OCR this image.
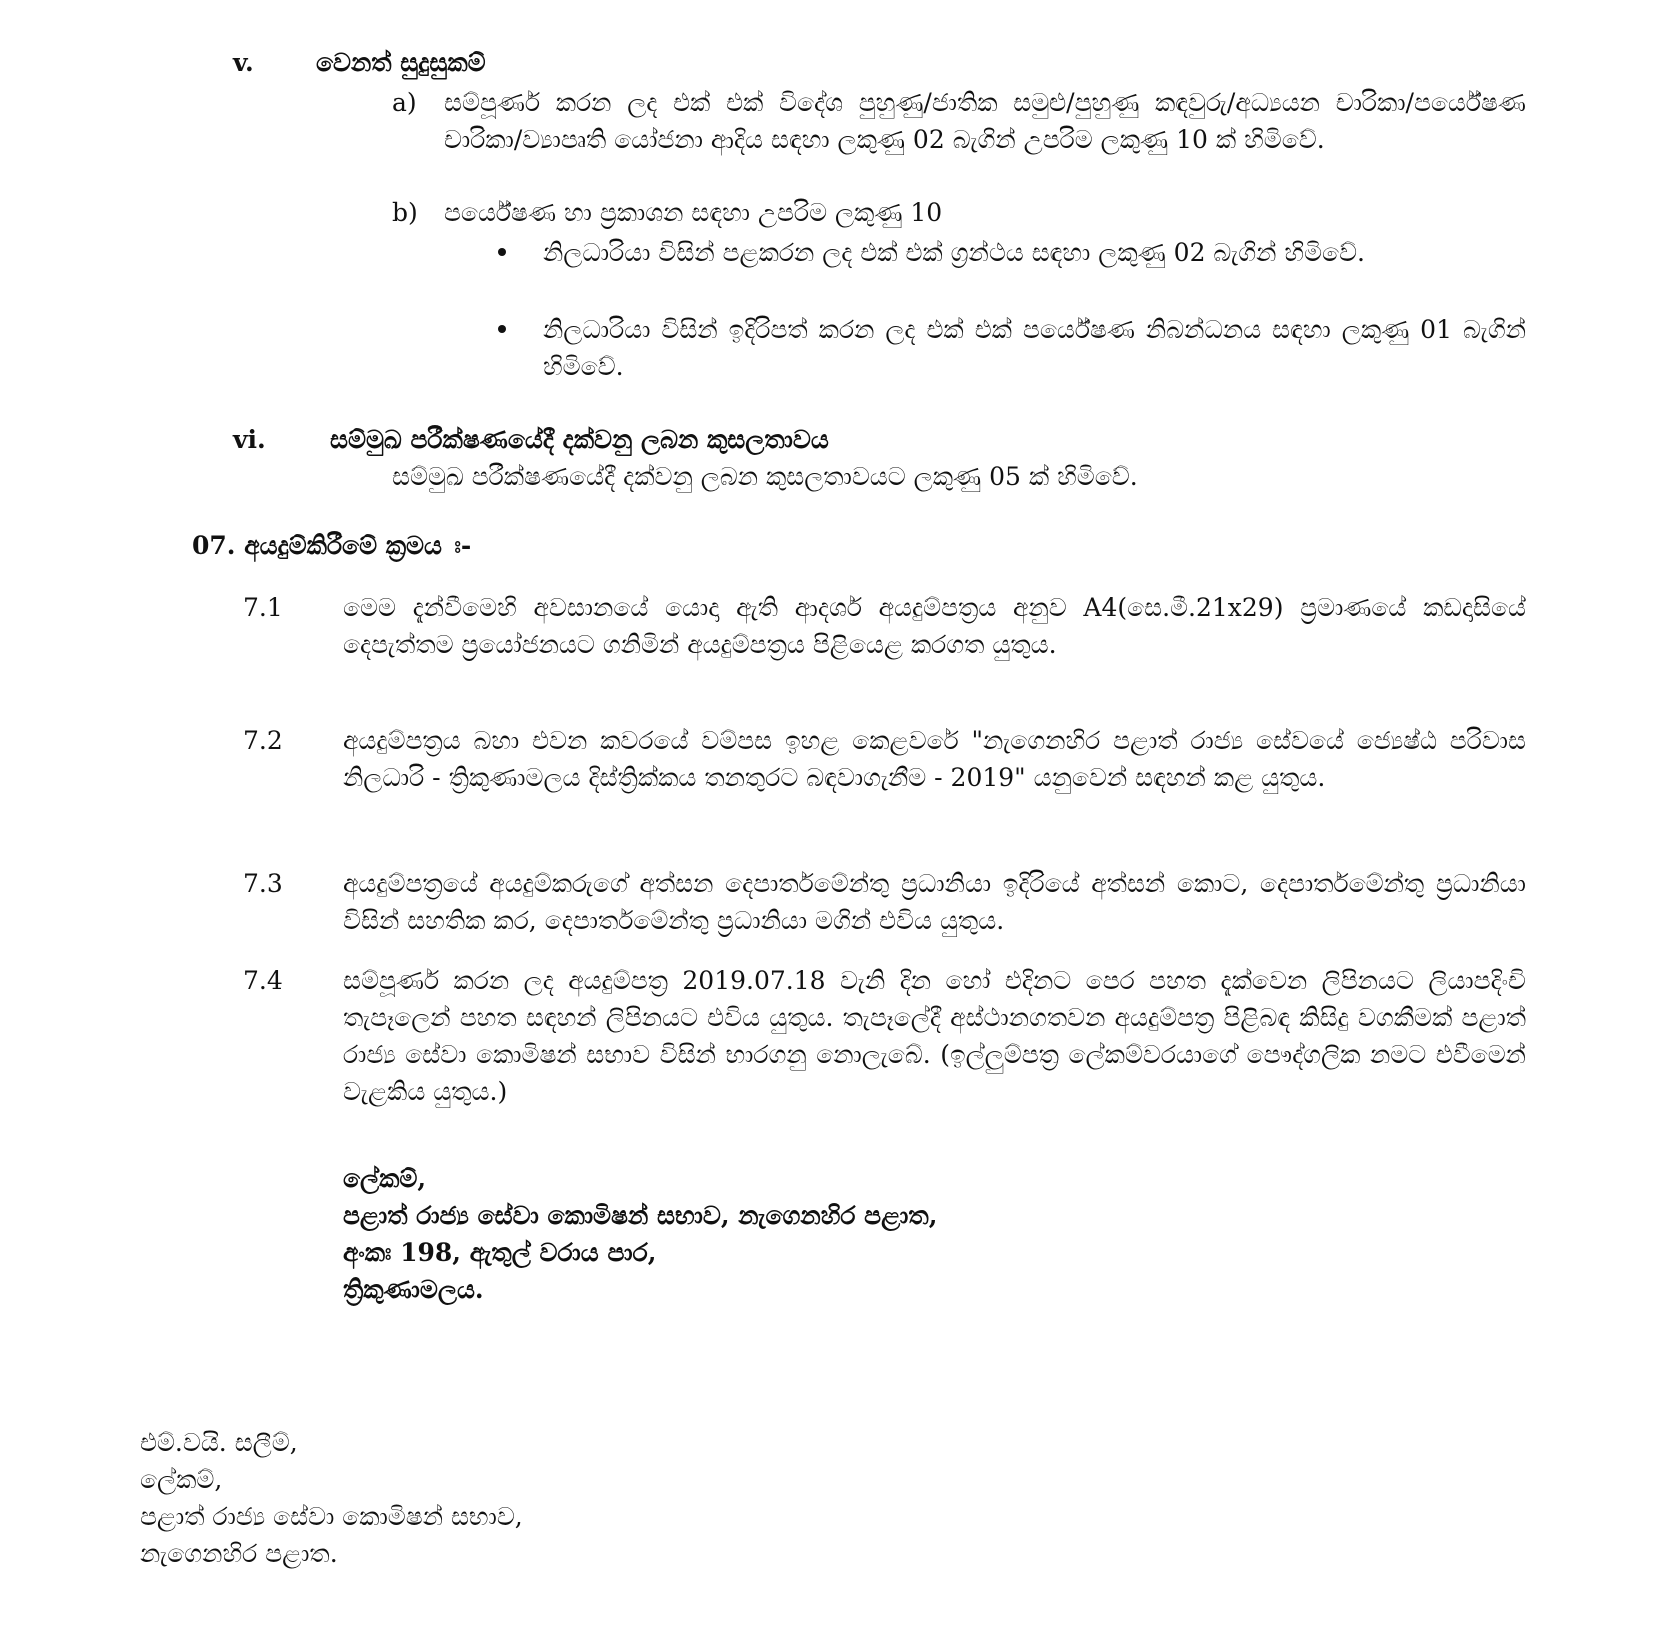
v. වෙනත් සුදුසුකම්
a) සම්පූර්ණ කරන ලද එක් එක් විදේශ පුහුණු/ජාතික සමුළු/පුහුණු කඳවුරු/අධ්‍යයන චාරිකා/පර්යේෂණ චාරිකා/ව්‍යාපෘති යෝජනා ආදිය සඳහා ලකුණු 02 බැගින් උපරිම ලකුණු 10 ක් හිමිවේ.
b) පර්යේෂණ හා ප්‍රකාශන සඳහා උපරිම ලකුණු 10
නිලධාරියා විසින් පළකරන ලද එක් එක් ග්‍රන්ථය සඳහා ලකුණු 02 බැගින් හිමිවේ.
නිලධාරියා විසින් ඉදිරිපත් කරන ලද එක් එක් පර්යේෂණ නිබන්ධනය සඳහා ලකුණු 01 බැගින් හිමිවේ.
vi.	සම්මුඛ පරීක්ෂණයේදී දක්වනු ලබන කුසලතාවය
සම්මුඛ පරීක්ෂණයේදී දක්වනු ලබන කුසලතාවයට ලකුණු 05 ක් හිමිවේ.
07. අයදුම්කිරීමේ ක්‍රමය ඃ-
7.1 මෙම දැන්වීමෙහි අවසානයේ යොදා ඇති ආදර්ශ අයදුම්පත්‍රය අනුව A4(සෙ.මී.21x29) ප්‍රමාණයේ කඩදාසියේ දෙපැත්තම ප්‍රයෝජනයට ගනිමින් අයදුම්පත්‍රය පිළියෙළ කරගත යුතුය.
7.2 අයදුම්පත්‍රය බහා එවන කවරයේ වම්පස ඉහළ කෙළවරේ "නැගෙනහිර පළාත් රාජ්‍ය සේවයේ ජ්‍යෙෂ්ඨ පරිවාස නිලධාරි - ත්‍රිකුණාමලය දිස්ත්‍රික්කය තනතුරට බඳවාගැනීම - 2019" යනුවෙන් සඳහන් කළ යුතුය.
7.3 අයදුම්පත්‍රයේ අයදුම්කරුගේ අත්සන දෙපාර්තමේන්තු ප්‍රධානියා ඉදිරියේ අත්සන් කොට, දෙපාර්තමේන්තු ප්‍රධානියා විසින් සහතික කර, දෙපාර්තමේන්තු ප්‍රධානියා මගින් එවිය යුතුය.
7.4 සම්පූර්ණ කරන ලද අයදුම්පත්‍ර 2019.07.18 වැනි දින හෝ එදිනට පෙර පහත දැක්වෙන ලිපිනයට ලියාපදිංචි තැපෑලෙන් පහත සඳහන් ලිපිනයට එවිය යුතුය. තැපෑලේදී අස්ථානගතවන අයදුම්පත්‍ර පිළිබඳ කිසිදු වගකීමක් පළාත් රාජ්‍ය සේවා කොමිෂන් සභාව විසින් භාරගනු නොලැබේ. (ඉල්ලුම්පත්‍ර ලේකම්වරයාගේ පෞද්ගලික නමට එවීමෙන් වැළකිය යුතුය.)
ලේකම්,
පළාත් රාජ්‍ය සේවා කොමිෂන් සභාව, නැගෙනහිර පළාත,
අංකඃ 198, ඇතුල් වරාය පාර,
ත්‍රිකුණාමලය.
එම්.වයි. සලීම්,
ලේකම්,
පළාත් රාජ්‍ය සේවා කොමිෂන් සභාව,
නැගෙනහිර පළාත.
